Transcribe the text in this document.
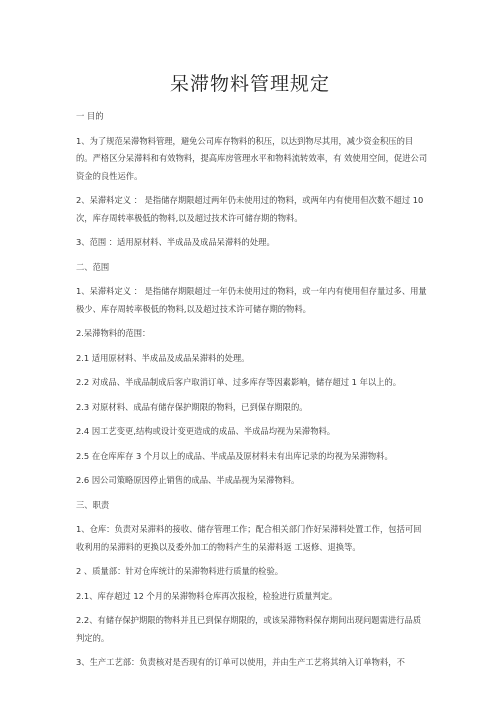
呆滞物料管理规定

一 目的

1、为了规范呆滞物料管理，避免公司库存物料的积压，以达到物尽其用，减少资金积压的目的。严格区分呆滞料和有效物料，提高库房管理水平和物料流转效率，有 效使用空间，促进公司资金的良性运作。

2、呆滞料定义 ： 是指储存期限超过两年仍未使用过的物料，或两年内有使用但次数不超过 10 次，库存周转率极低的物料,以及超过技术许可储存期的物料。

3、范围 ：适用原材料、半成品及成品呆滞料的处理。

二、范围

1、呆滞料定义 ： 是指储存期限超过一年仍未使用过的物料，或一年内有使用但存量过多、用量极少、库存周转率极低的物料,以及超过技术许可储存期的物料。

2.呆滞物料的范围：

2.1 适用原材料、半成品及成品呆滞料的处理。

2.2 对成品、半成品制成后客户取消订单、过多库存等因素影响，储存超过 1 年以上的。

2.3 对原材料、成品有储存保护期限的物料，已到保存期限的。

2.4 因工艺变更,结构或设计变更造成的成品、半成品均视为呆滞物料。

2.5 在仓库库存 3 个月以上的成品、半成品及原材料未有出库记录的均视为呆滞物料。

2.6 因公司策略原因停止销售的成品、半成品视为呆滞物料。

三、职责

1、仓库：负责对呆滞料的接收、储存管理工作；配合相关部门作好呆滞料处置工作，包括可回收利用的呆滞料的更换以及委外加工的物料产生的呆滞料返 工返修、退换等。

2 、质量部：针对仓库统计的呆滞物料进行质量的检验。

2.1、库存超过 12 个月的呆滞物料仓库再次报检，检验进行质量判定。

2.2、有储存保护期限的物料并且已到保存期限的，或该呆滞物料保存期间出现问题需进行品质判定的。

3、生产工艺部：负责核对是否现有的订单可以使用，并由生产工艺将其纳入订单物料，不
